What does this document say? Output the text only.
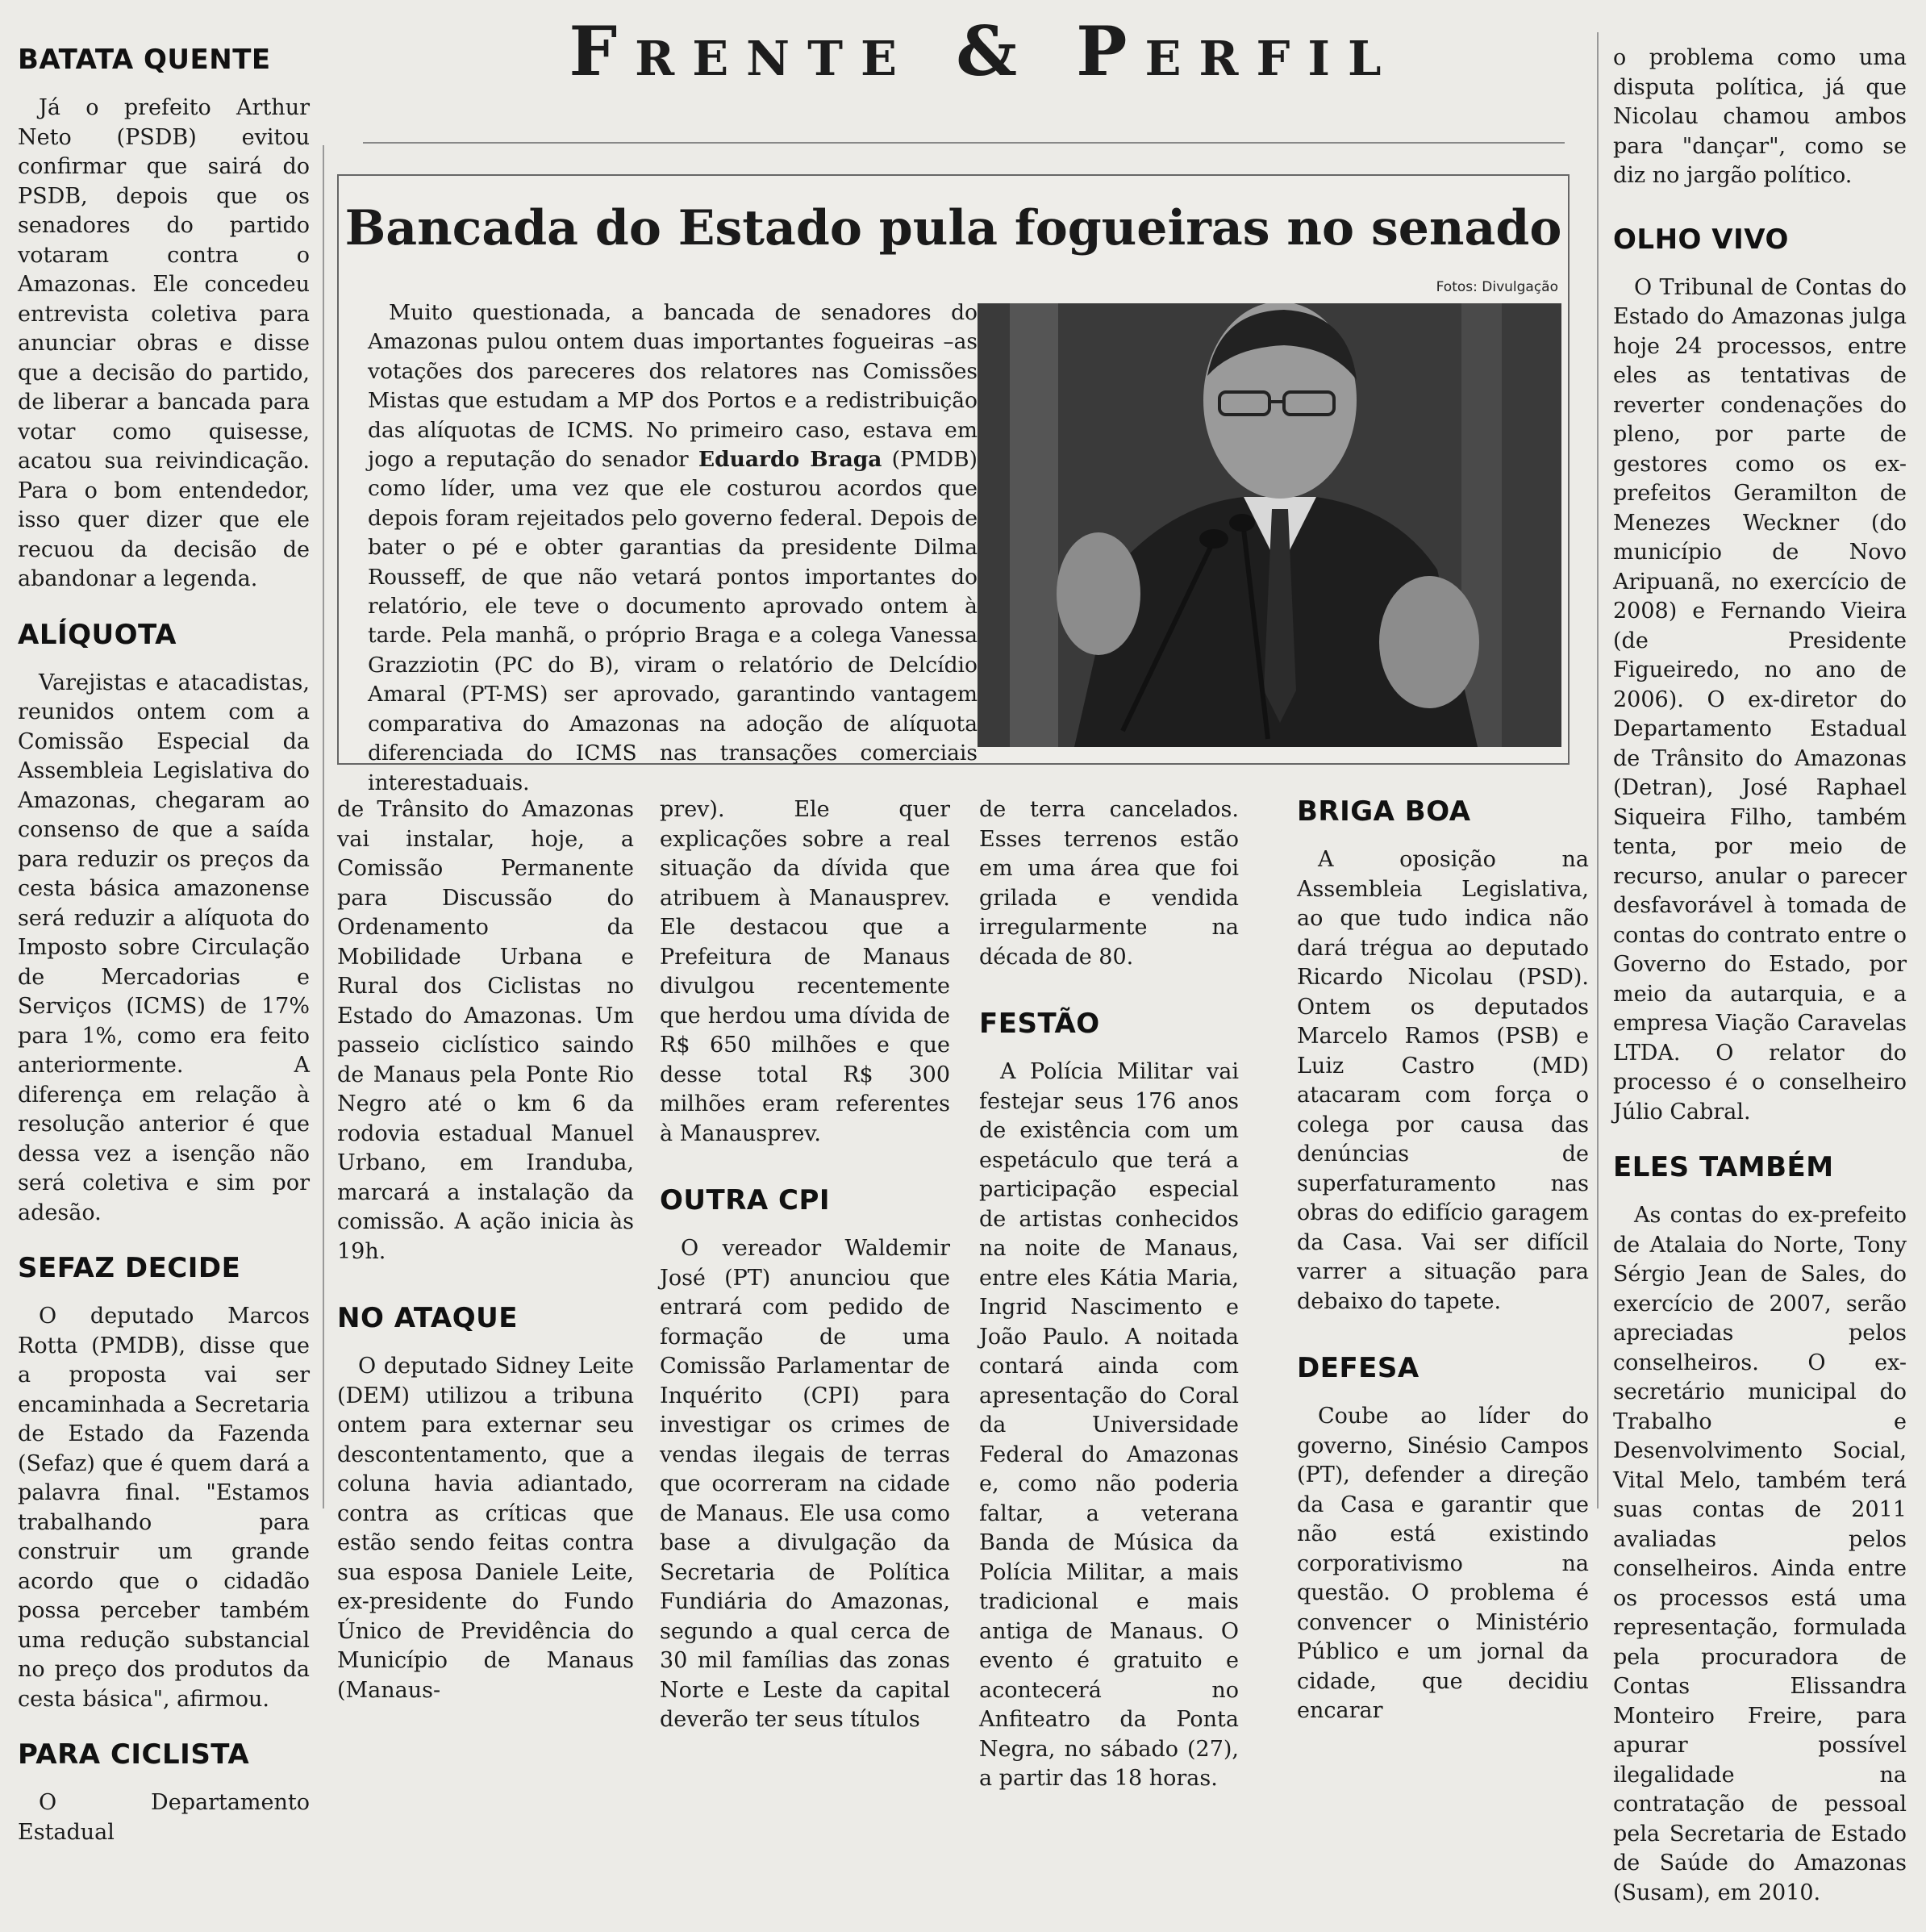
Frente & Perfil
BATATA QUENTE

Já o prefeito Arthur Neto (PSDB) evitou confirmar que sairá do PSDB, depois que os senadores do partido votaram contra o Amazonas. Ele concedeu entrevista coletiva para anunciar obras e disse que a decisão do partido, de liberar a bancada para votar como quisesse, acatou sua reivindicação. Para o bom entendedor, isso quer dizer que ele recuou da decisão de abandonar a legenda.

ALÍQUOTA

Varejistas e atacadistas, reunidos ontem com a Comissão Especial da Assembleia Legislativa do Amazonas, chegaram ao consenso de que a saída para reduzir os preços da cesta básica amazonense será reduzir a alíquota do Imposto sobre Circulação de Mercadorias e Serviços (ICMS) de 17% para 1%, como era feito anteriormente. A diferença em relação à resolução anterior é que dessa vez a isenção não será coletiva e sim por adesão.

SEFAZ DECIDE

O deputado Marcos Rotta (PMDB), disse que a proposta vai ser encaminhada a Secretaria de Estado da Fazenda (Sefaz) que é quem dará a palavra final. "Estamos trabalhando para construir um grande acordo que o cidadão possa perceber também uma redução substancial no preço dos produtos da cesta básica", afirmou.

PARA CICLISTA

O Departamento Estadual

Bancada do Estado pula fogueiras no senado
Fotos: Divulgação

Muito questionada, a bancada de senadores do Amazonas pulou ontem duas importantes fogueiras –as votações dos pareceres dos relatores nas Comissões Mistas que estudam a MP dos Portos e a redistribuição das alíquotas de ICMS. No primeiro caso, estava em jogo a reputação do senador Eduardo Braga (PMDB) como líder, uma vez que ele costurou acordos que depois foram rejeitados pelo governo federal. Depois de bater o pé e obter garantias da presidente Dilma Rousseff, de que não vetará pontos importantes do relatório, ele teve o documento aprovado ontem à tarde. Pela manhã, o próprio Braga e a colega Vanessa Grazziotin (PC do B), viram o relatório de Delcídio Amaral (PT-MS) ser aprovado, garantindo vantagem comparativa do Amazonas na adoção de alíquota diferenciada do ICMS nas transações comerciais interestaduais.

de Trânsito do Amazonas vai instalar, hoje, a Comissão Permanente para Discussão do Ordenamento da Mobilidade Urbana e Rural dos Ciclistas no Estado do Amazonas. Um passeio ciclístico saindo de Manaus pela Ponte Rio Negro até o km 6 da rodovia estadual Manuel Urbano, em Iranduba, marcará a instalação da comissão. A ação inicia às 19h.

NO ATAQUE

O deputado Sidney Leite (DEM) utilizou a tribuna ontem para externar seu descontentamento, que a coluna havia adiantado, contra as críticas que estão sendo feitas contra sua esposa Daniele Leite, ex-presidente do Fundo Único de Previdência do Município de Manaus (Manaus-

prev). Ele quer explicações sobre a real situação da dívida que atribuem à Manausprev. Ele destacou que a Prefeitura de Manaus divulgou recentemente que herdou uma dívida de R$ 650 milhões e que desse total R$ 300 milhões eram referentes à Manausprev.

OUTRA CPI

O vereador Waldemir José (PT) anunciou que entrará com pedido de formação de uma Comissão Parlamentar de Inquérito (CPI) para investigar os crimes de vendas ilegais de terras que ocorreram na cidade de Manaus. Ele usa como base a divulgação da Secretaria de Política Fundiária do Amazonas, segundo a qual cerca de 30 mil famílias das zonas Norte e Leste da capital deverão ter seus títulos

de terra cancelados. Esses terrenos estão em uma área que foi grilada e vendida irregularmente na década de 80.

FESTÃO

A Polícia Militar vai festejar seus 176 anos de existência com um espetáculo que terá a participação especial de artistas conhecidos na noite de Manaus, entre eles Kátia Maria, Ingrid Nascimento e João Paulo. A noitada contará ainda com apresentação do Coral da Universidade Federal do Amazonas e, como não poderia faltar, a veterana Banda de Música da Polícia Militar, a mais tradicional e mais antiga de Manaus. O evento é gratuito e acontecerá no Anfiteatro da Ponta Negra, no sábado (27), a partir das 18 horas.

BRIGA BOA

A oposição na Assembleia Legislativa, ao que tudo indica não dará trégua ao deputado Ricardo Nicolau (PSD). Ontem os deputados Marcelo Ramos (PSB) e Luiz Castro (MD) atacaram com força o colega por causa das denúncias de superfaturamento nas obras do edifício garagem da Casa. Vai ser difícil varrer a situação para debaixo do tapete.

DEFESA

Coube ao líder do governo, Sinésio Campos (PT), defender a direção da Casa e garantir que não está existindo corporativismo na questão. O problema é convencer o Ministério Público e um jornal da cidade, que decidiu encarar

o problema como uma disputa política, já que Nicolau chamou ambos para "dançar", como se diz no jargão político.

OLHO VIVO

O Tribunal de Contas do Estado do Amazonas julga hoje 24 processos, entre eles as tentativas de reverter condenações do pleno, por parte de gestores como os ex-prefeitos Geramilton de Menezes Weckner (do município de Novo Aripuanã, no exercício de 2008) e Fernando Vieira (de Presidente Figueiredo, no ano de 2006). O ex-diretor do Departamento Estadual de Trânsito do Amazonas (Detran), José Raphael Siqueira Filho, também tenta, por meio de recurso, anular o parecer desfavorável à tomada de contas do contrato entre o Governo do Estado, por meio da autarquia, e a empresa Viação Caravelas LTDA. O relator do processo é o conselheiro Júlio Cabral.

ELES TAMBÉM

As contas do ex-prefeito de Atalaia do Norte, Tony Sérgio Jean de Sales, do exercício de 2007, serão apreciadas pelos conselheiros. O ex-secretário municipal do Trabalho e Desenvolvimento Social, Vital Melo, também terá suas contas de 2011 avaliadas pelos conselheiros. Ainda entre os processos está uma representação, formulada pela procuradora de Contas Elissandra Monteiro Freire, para apurar possível ilegalidade na contratação de pessoal pela Secretaria de Estado de Saúde do Amazonas (Susam), em 2010.
